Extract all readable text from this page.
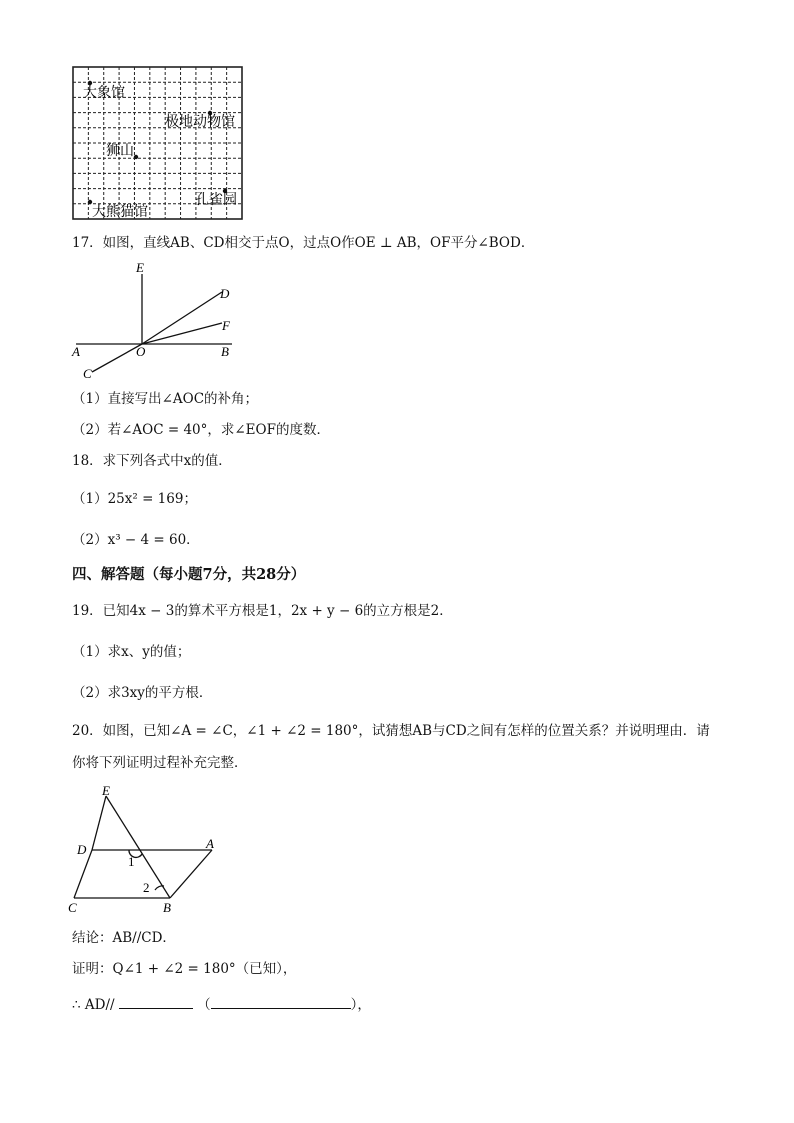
大象馆
极地动物馆
狮山
大熊猫馆
孔雀园
17．如图，直线AB、CD相交于点O，过点O作OE ⊥ AB，OF平分∠BOD．
E
D
F
A	O	B
C
（1）直接写出∠AOC的补角；
（2）若∠AOC = 40°，求∠EOF的度数．
18．求下列各式中x的值．
（1）25x² = 169；
（2）x³ − 4 = 60．
四、解答题（每小题7分，共28分）
19．已知4x − 3的算术平方根是1，2x + y − 6的立方根是2．
（1）求x、y的值；
（2）求3xy的平方根．
20．如图，已知∠A = ∠C，∠1 + ∠2 = 180°，试猜想AB与CD之间有怎样的位置关系？并说明理由．请
你将下列证明过程补充完整．
E
D	A
1
2
C	B
结论：AB//CD．
证明：Q∠1 + ∠2 = 180°（已知），
∴ AD//	（	），
